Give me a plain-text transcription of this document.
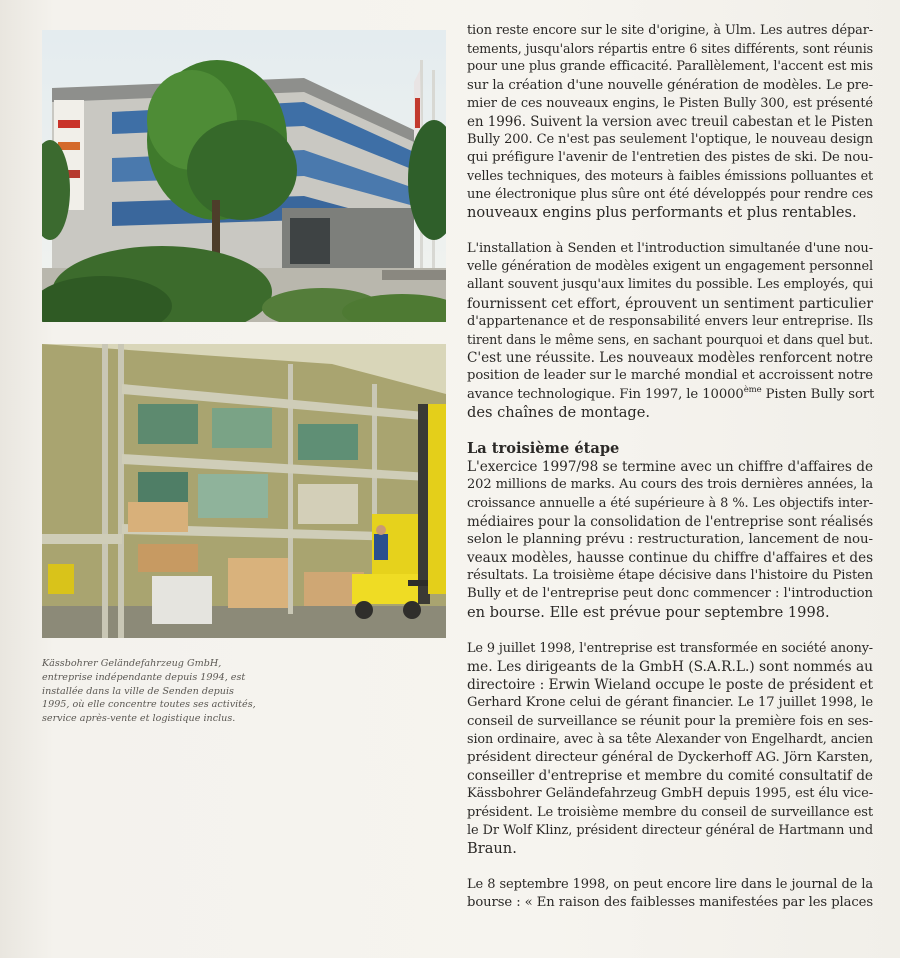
Kässbohrer Geländefahrzeug GmbH,
entreprise indépendante depuis 1994, est
installée dans la ville de Senden depuis
1995, où elle concentre toutes ses activités,
service après-vente et logistique inclus.
tion reste encore sur le site d'origine, à Ulm. Les autres dépar-
tements, jusqu'alors répartis entre 6 sites différents, sont réunis
pour une plus grande efficacité. Parallèlement, l'accent est mis
sur la création d'une nouvelle génération de modèles. Le pre-
mier de ces nouveaux engins, le Pisten Bully 300, est présenté
en 1996. Suivent la version avec treuil cabestan et le Pisten
Bully 200. Ce n'est pas seulement l'optique, le nouveau design
qui préfigure l'avenir de l'entretien des pistes de ski. De nou-
velles techniques, des moteurs à faibles émissions polluantes et
une électronique plus sûre ont été développés pour rendre ces
nouveaux engins plus performants et plus rentables.
L'installation à Senden et l'introduction simultanée d'une nou-
velle génération de modèles exigent un engagement personnel
allant souvent jusqu'aux limites du possible. Les employés, qui
fournissent cet effort, éprouvent un sentiment particulier
d'appartenance et de responsabilité envers leur entreprise. Ils
tirent dans le même sens, en sachant pourquoi et dans quel but.
C'est une réussite. Les nouveaux modèles renforcent notre
position de leader sur le marché mondial et accroissent notre
avance technologique. Fin 1997, le 10000ème Pisten Bully sort
des chaînes de montage.
La troisième étape
L'exercice 1997/98 se termine avec un chiffre d'affaires de
202 millions de marks. Au cours des trois dernières années, la
croissance annuelle a été supérieure à 8 %. Les objectifs inter-
médiaires pour la consolidation de l'entreprise sont réalisés
selon le planning prévu : restructuration, lancement de nou-
veaux modèles, hausse continue du chiffre d'affaires et des
résultats. La troisième étape décisive dans l'histoire du Pisten
Bully et de l'entreprise peut donc commencer : l'introduction
en bourse. Elle est prévue pour septembre 1998.
Le 9 juillet 1998, l'entreprise est transformée en société anony-
me. Les dirigeants de la GmbH (S.A.R.L.) sont nommés au
directoire : Erwin Wieland occupe le poste de président et
Gerhard Krone celui de gérant financier. Le 17 juillet 1998, le
conseil de surveillance se réunit pour la première fois en ses-
sion ordinaire, avec à sa tête Alexander von Engelhardt, ancien
président directeur général de Dyckerhoff AG. Jörn Karsten,
conseiller d'entreprise et membre du comité consultatif de
Kässbohrer Geländefahrzeug GmbH depuis 1995, est élu vice-
président. Le troisième membre du conseil de surveillance est
le Dr Wolf Klinz, président directeur général de Hartmann und
Braun.
Le 8 septembre 1998, on peut encore lire dans le journal de la
bourse : « En raison des faiblesses manifestées par les places
